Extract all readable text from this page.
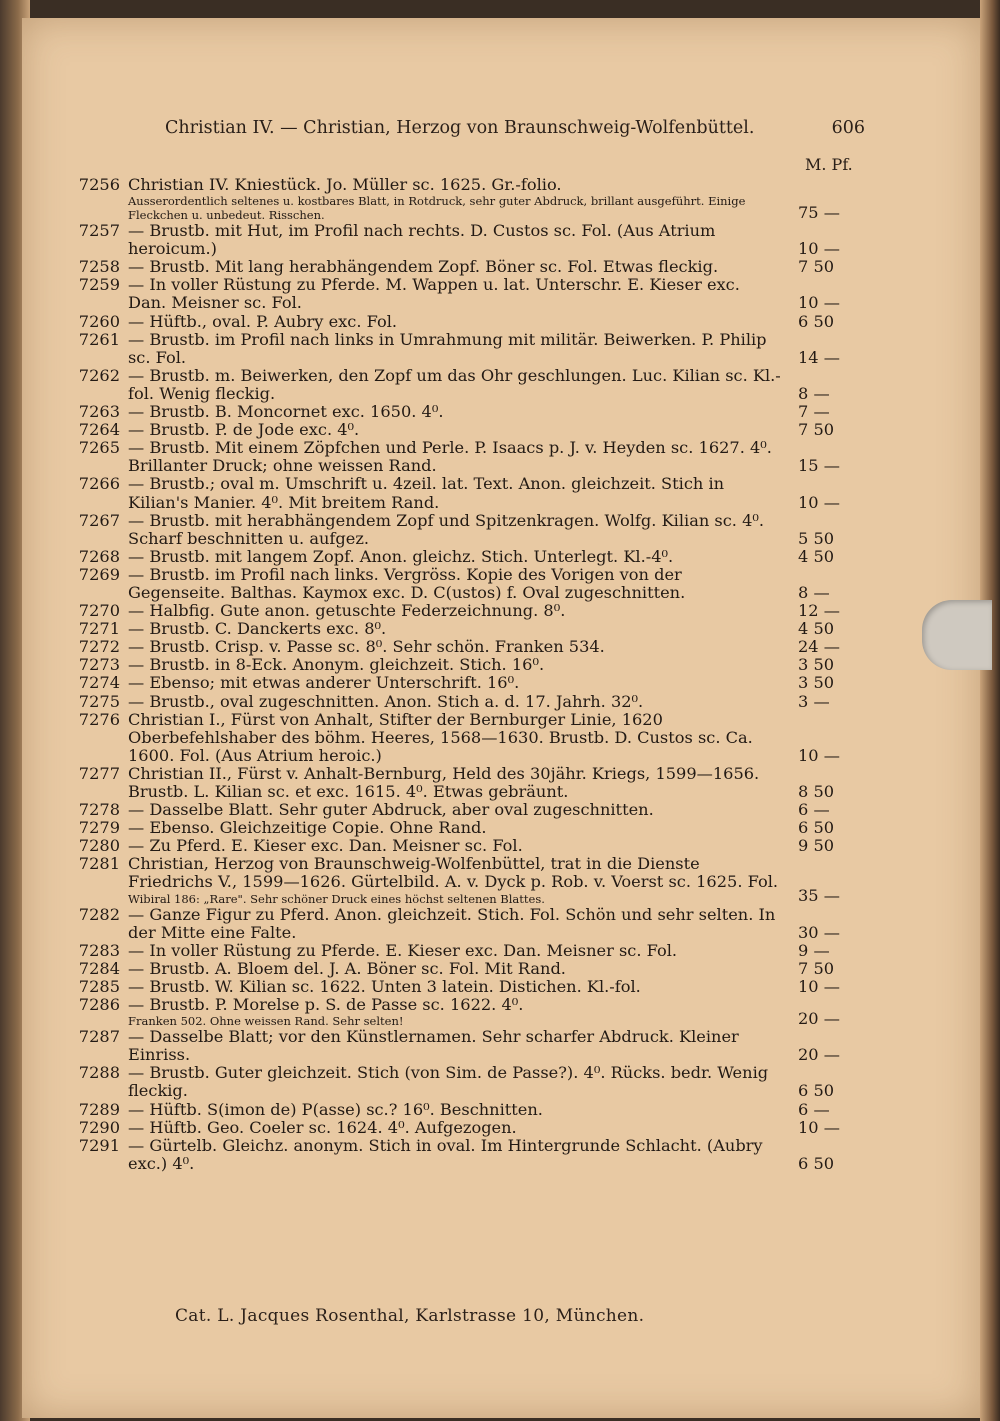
Christian IV. — Christian, Herzog von Braunschweig-Wolfenbüttel.	606
M. Pf.
7256 Christian IV. Kniestück. Jo. Müller sc. 1625. Gr.-folio.
Ausserordentlich seltenes u. kostbares Blatt, in Rotdruck, sehr guter Abdruck, brillant ausgeführt. Einige Fleckchen u. unbedeut. Risschen.	75 —
7257 — Brustb. mit Hut, im Profil nach rechts. D. Custos sc. Fol. (Aus Atrium heroicum.)	10 —
7258 — Brustb. Mit lang herabhängendem Zopf. Böner sc. Fol. Etwas fleckig.	7 50
7259 — In voller Rüstung zu Pferde. M. Wappen u. lat. Unterschr. E. Kieser exc. Dan. Meisner sc. Fol.	10 —
7260 — Hüftb., oval. P. Aubry exc. Fol.	6 50
7261 — Brustb. im Profil nach links in Umrahmung mit militär. Beiwerken. P. Philip sc. Fol.	14 —
7262 — Brustb. m. Beiwerken, den Zopf um das Ohr geschlungen. Luc. Kilian sc. Kl.-fol. Wenig fleckig.	8 —
7263 — Brustb. B. Moncornet exc. 1650. 4⁰.	7 —
7264 — Brustb. P. de Jode exc. 4⁰.	7 50
7265 — Brustb. Mit einem Zöpfchen und Perle. P. Isaacs p. J. v. Heyden sc. 1627. 4⁰. Brillanter Druck; ohne weissen Rand.	15 —
7266 — Brustb.; oval m. Umschrift u. 4zeil. lat. Text. Anon. gleichzeit. Stich in Kilian's Manier. 4⁰. Mit breitem Rand.	10 —
7267 — Brustb. mit herabhängendem Zopf und Spitzenkragen. Wolfg. Kilian sc. 4⁰. Scharf beschnitten u. aufgez.	5 50
7268 — Brustb. mit langem Zopf. Anon. gleichz. Stich. Unterlegt. Kl.-4⁰.	4 50
7269 — Brustb. im Profil nach links. Vergröss. Kopie des Vorigen von der Gegenseite. Balthas. Kaymox exc. D. C(ustos) f. Oval zugeschnitten.	8 —
7270 — Halbfig. Gute anon. getuschte Federzeichnung. 8⁰.	12 —
7271 — Brustb. C. Danckerts exc. 8⁰.	4 50
7272 — Brustb. Crisp. v. Passe sc. 8⁰. Sehr schön. Franken 534.	24 —
7273 — Brustb. in 8-Eck. Anonym. gleichzeit. Stich. 16⁰.	3 50
7274 — Ebenso; mit etwas anderer Unterschrift. 16⁰.	3 50
7275 — Brustb., oval zugeschnitten. Anon. Stich a. d. 17. Jahrh. 32⁰.	3 —
7276 Christian I., Fürst von Anhalt, Stifter der Bernburger Linie, 1620 Oberbefehlshaber des böhm. Heeres, 1568—1630. Brustb. D. Custos sc. Ca. 1600. Fol. (Aus Atrium heroic.)	10 —
7277 Christian II., Fürst v. Anhalt-Bernburg, Held des 30jähr. Kriegs, 1599—1656. Brustb. L. Kilian sc. et exc. 1615. 4⁰. Etwas gebräunt.	8 50
7278 — Dasselbe Blatt. Sehr guter Abdruck, aber oval zugeschnitten.	6 —
7279 — Ebenso. Gleichzeitige Copie. Ohne Rand.	6 50
7280 — Zu Pferd. E. Kieser exc. Dan. Meisner sc. Fol.	9 50
7281 Christian, Herzog von Braunschweig-Wolfenbüttel, trat in die Dienste Friedrichs V., 1599—1626. Gürtelbild. A. v. Dyck p. Rob. v. Voerst sc. 1625. Fol.
Wibiral 186: „Rare". Sehr schöner Druck eines höchst seltenen Blattes.	35 —
7282 — Ganze Figur zu Pferd. Anon. gleichzeit. Stich. Fol. Schön und sehr selten. In der Mitte eine Falte.	30 —
7283 — In voller Rüstung zu Pferde. E. Kieser exc. Dan. Meisner sc. Fol.	9 —
7284 — Brustb. A. Bloem del. J. A. Böner sc. Fol. Mit Rand.	7 50
7285 — Brustb. W. Kilian sc. 1622. Unten 3 latein. Distichen. Kl.-fol.	10 —
7286 — Brustb. P. Morelse p. S. de Passe sc. 1622. 4⁰.
Franken 502. Ohne weissen Rand. Sehr selten!	20 —
7287 — Dasselbe Blatt; vor den Künstlernamen. Sehr scharfer Abdruck. Kleiner Einriss.	20 —
7288 — Brustb. Guter gleichzeit. Stich (von Sim. de Passe?). 4⁰. Rücks. bedr. Wenig fleckig.	6 50
7289 — Hüftb. S(imon de) P(asse) sc.? 16⁰. Beschnitten.	6 —
7290 — Hüftb. Geo. Coeler sc. 1624. 4⁰. Aufgezogen.	10 —
7291 — Gürtelb. Gleichz. anonym. Stich in oval. Im Hintergrunde Schlacht. (Aubry exc.) 4⁰.	6 50
Cat. L. Jacques Rosenthal, Karlstrasse 10, München.
